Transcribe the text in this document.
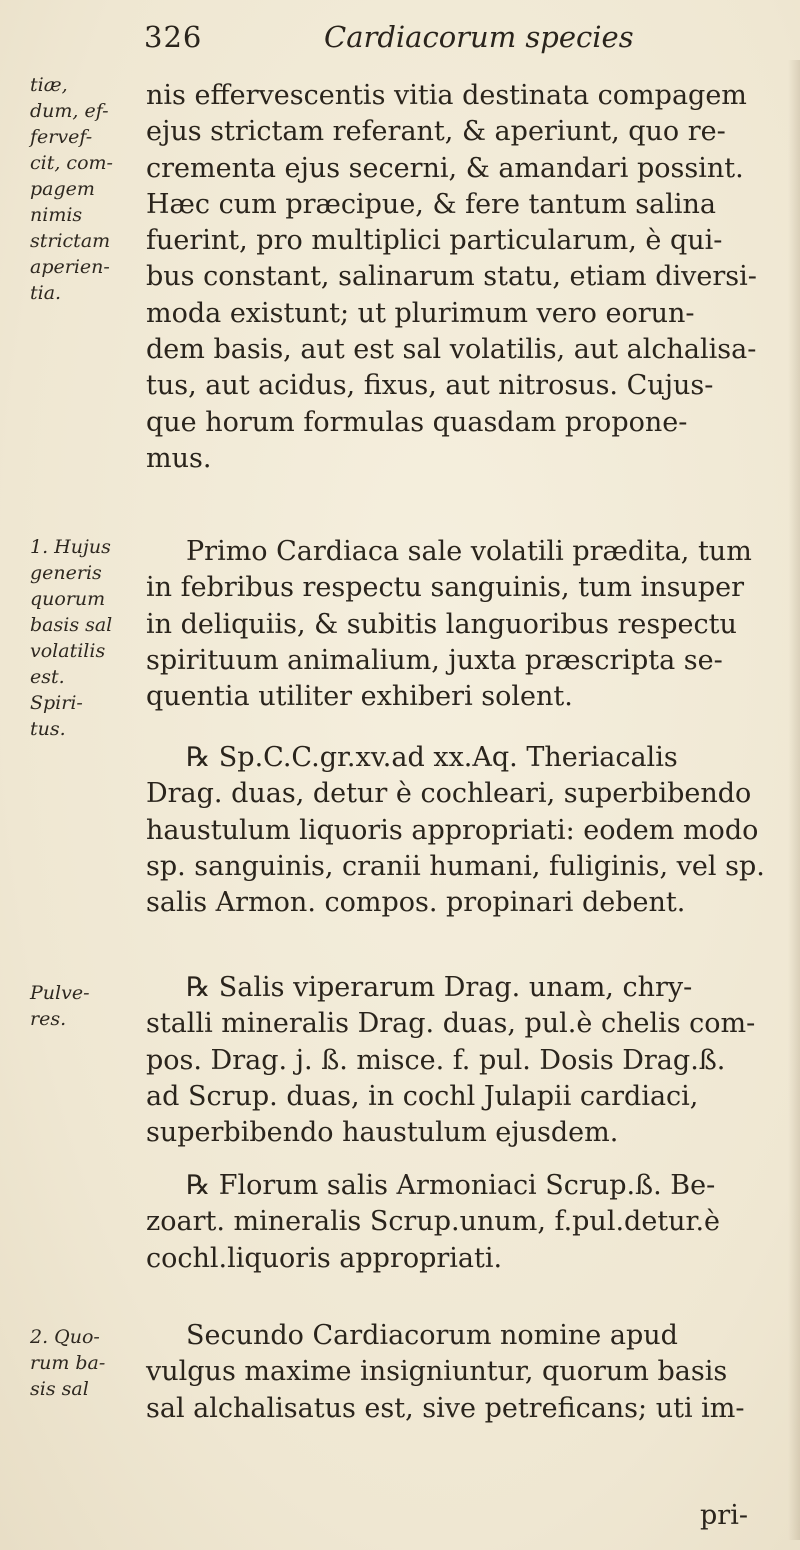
326	Cardiacorum species
tiæ,
dum, ef-
fervef-
cit, com-
pagem
nimis
strictam
aperien-
tia.
1. Hujus
generis
quorum
basis sal
volatilis
est.
Spiri-
tus.
Pulve-
res.
2. Quo-
rum ba-
sis sal
nis effervescentis vitia destinata compagem
ejus strictam referant, & aperiunt, quo re-
crementa ejus secerni, & amandari possint.
Hæc cum præcipue, & fere tantum salina
fuerint, pro multiplici particularum, è qui-
bus constant, salinarum statu, etiam diversi-
moda existunt; ut plurimum vero eorun-
dem basis, aut est sal volatilis, aut alchalisa-
tus, aut acidus, fixus, aut nitrosus. Cujus-
que horum formulas quasdam propone-
mus.
Primo Cardiaca sale volatili prædita, tum
in febribus respectu sanguinis, tum insuper
in deliquiis, & subitis languoribus respectu
spirituum animalium, juxta præscripta se-
quentia utiliter exhiberi solent.
℞ Sp.C.C.gr.xv.ad xx.Aq. Theriacalis
Drag. duas, detur è cochleari, superbibendo
haustulum liquoris appropriati: eodem modo
sp. sanguinis, cranii humani, fuliginis, vel sp.
salis Armon. compos. propinari debent.
℞ Salis viperarum Drag. unam, chry-
stalli mineralis Drag. duas, pul.è chelis com-
pos. Drag. j. ß. misce. f. pul. Dosis Drag.ß.
ad Scrup. duas, in cochl Julapii cardiaci,
superbibendo haustulum ejusdem.
℞ Florum salis Armoniaci Scrup.ß. Be-
zoart. mineralis Scrup.unum, f.pul.detur.è
cochl.liquoris appropriati.
Secundo Cardiacorum nomine apud
vulgus maxime insigniuntur, quorum basis
sal alchalisatus est, sive petreficans; uti im-
pri-
